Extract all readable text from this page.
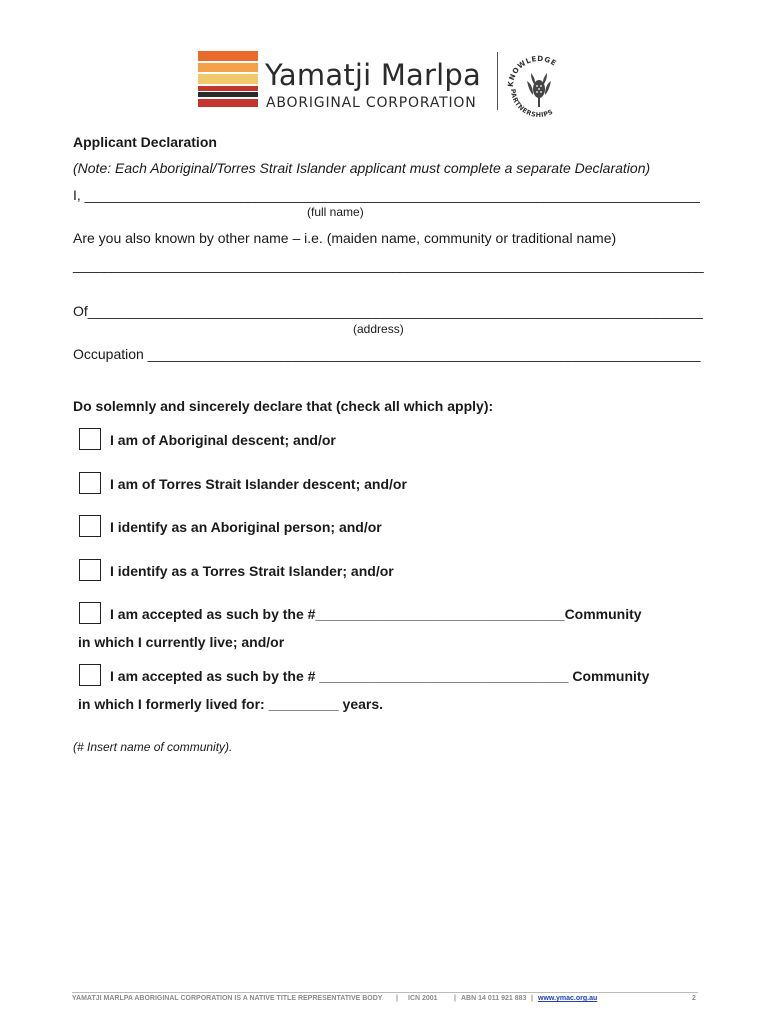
Yamatji Marlpa
ABORIGINAL CORPORATION
KNOWLEDGE
PARTNERSHIPS
Applicant Declaration
(Note: Each Aboriginal/Torres Strait Islander applicant must complete a separate Declaration)
I, _______________________________________________________________________________
(full name)
Are you also known by other name – i.e. (maiden name, community or traditional name)
_________________________________________________________________________________
Of_______________________________________________________________________________
(address)
Occupation _______________________________________________________________________
Do solemnly and sincerely declare that (check all which apply):
I am of Aboriginal descent; and/or
I am of Torres Strait Islander descent; and/or
I identify as an Aboriginal person; and/or
I identify as a Torres Strait Islander; and/or
I am accepted as such by the #________________________________Community
in which I currently live; and/or
I am accepted as such by the # ________________________________ Community
in which I formerly lived for: _________ years.
(# Insert name of community).
YAMATJI MARLPA ABORIGINAL CORPORATION IS A NATIVE TITLE REPRESENTATIVE BODY | ICN 2001 | ABN 14 011 921 883 | www.ymac.org.au	2
